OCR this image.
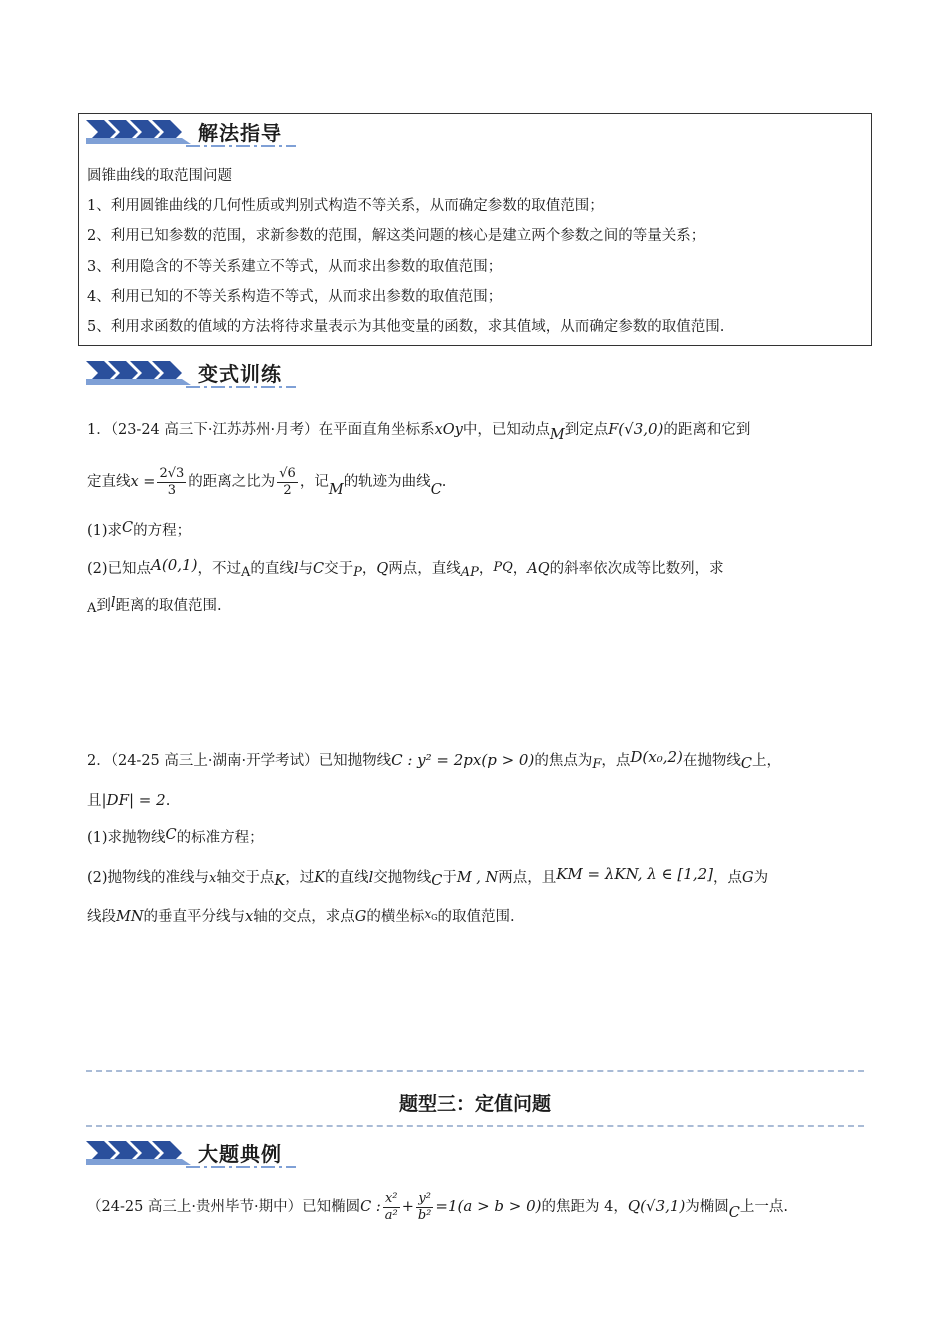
解法指导
圆锥曲线的取范围问题
1、利用圆锥曲线的几何性质或判别式构造不等关系，从而确定参数的取值范围；
2、利用已知参数的范围，求新参数的范围，解这类问题的核心是建立两个参数之间的等量关系；
3、利用隐含的不等关系建立不等式，从而求出参数的取值范围；
4、利用已知的不等关系构造不等式，从而求出参数的取值范围；
5、利用求函数的值域的方法将待求量表示为其他变量的函数，求其值域，从而确定参数的取值范围.
变式训练
1．（23-24 高三下·江苏苏州·月考）在平面直角坐标系xOy中，已知动点M到定点F(√3,0)的距离和它到
定直线$x = \frac{2√3}{3}$ 的距离之比为 $\frac{√6}{2}$ ，记M的轨迹为曲线C.
(1)求C的方程；
(2)已知点A(0,1)，不过A的直线l与C交于P，Q两点，直线AP，PQ，AQ的斜率依次成等比数列，求
A到l距离的取值范围.
2．（24-25 高三上·湖南·开学考试）已知抛物线C : y² = 2px(p > 0)的焦点为F，点D(x₀,2)在抛物线C上，
且|DF| = 2.
(1)求抛物线C的标准方程；
(2)抛物线的准线与x轴交于点K，过K的直线l交抛物线C于M , N两点，且KM = λKN, λ ∈ [1,2]，点G为
线段MN的垂直平分线与x轴的交点，求点G的横坐标$^x$G的取值范围.
题型三：定值问题
大题典例
（24-25 高三上·贵州毕节·期中）已知椭圆C : $\frac{\text{x²}}{\text{a²}} + \frac{\text{y²}}{\text{b²}} =1(a > b > 0)$的焦距为 4，Q(√3,1)为椭圆C上一点.
